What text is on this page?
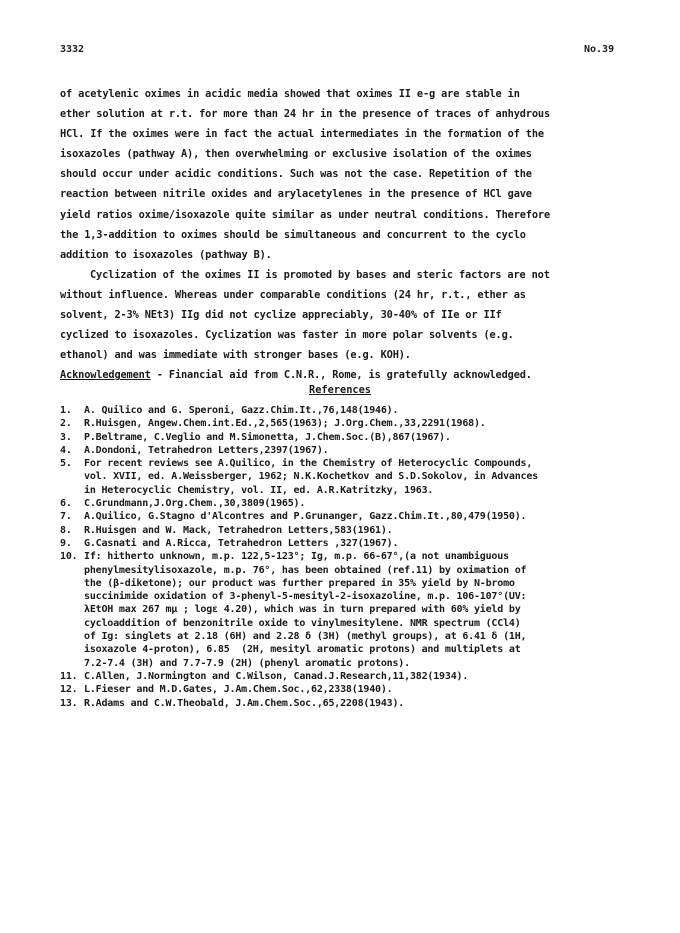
3332	No.39

of acetylenic oximes in acidic media showed that oximes II e-g are stable in

ether solution at r.t. for more than 24 hr in the presence of traces of anhydrous

HCl. If the oximes were in fact the actual intermediates in the formation of the

isoxazoles (pathway A), then overwhelming or exclusive isolation of the oximes

should occur under acidic conditions. Such was not the case. Repetition of the

reaction between nitrile oxides and arylacetylenes in the presence of HCl gave

yield ratios oxime/isoxazole quite similar as under neutral conditions. Therefore

the 1,3-addition to oximes should be simultaneous and concurrent to the cyclo

addition to isoxazoles (pathway B).

Cyclization of the oximes II is promoted by bases and steric factors are not

without influence. Whereas under comparable conditions (24 hr, r.t., ether as

solvent, 2-3% NEt3) IIg did not cyclize appreciably, 30-40% of IIe or IIf

cyclized to isoxazoles. Cyclization was faster in more polar solvents (e.g.

ethanol) and was immediate with stronger bases (e.g. KOH).

Acknowledgement - Financial aid from C.N.R., Rome, is gratefully acknowledged.

References
1.	A. Quilico and G. Speroni, Gazz.Chim.It.,76,148(1946).
2.	R.Huisgen, Angew.Chem.int.Ed.,2,565(1963); J.Org.Chem.,33,2291(1968).
3.	P.Beltrame, C.Veglio and M.Simonetta, J.Chem.Soc.(B),867(1967).
4.	A.Dondoni, Tetrahedron Letters,2397(1967).
5.	For recent reviews see A.Quilico, in the Chemistry of Heterocyclic Compounds,
vol. XVII, ed. A.Weissberger, 1962; N.K.Kochetkov and S.D.Sokolov, in Advances
in Heterocyclic Chemistry, vol. II, ed. A.R.Katritzky, 1963.
6.	C.Grundmann,J.Org.Chem.,30,3809(1965).
7.	A.Quilico, G.Stagno d'Alcontres and P.Grunanger, Gazz.Chim.It.,80,479(1950).
8.	R.Huisgen and W. Mack, Tetrahedron Letters,583(1961).
9.	G.Casnati and A.Ricca, Tetrahedron Letters ,327(1967).
10. If: hitherto unknown, m.p. 122,5-123°; Ig, m.p. 66-67°,(a not unambiguous
phenylmesitylisoxazole, m.p. 76°, has been obtained (ref.11) by oximation of
the (β-diketone); our product was further prepared in 35% yield by N-bromo
succinimide oxidation of 3-phenyl-5-mesityl-2-isoxazoline, m.p. 106-107°(UV:
λEtOH max 267 mμ ; logε 4.20), which was in turn prepared with 60% yield by
cycloaddition of benzonitrile oxide to vinylmesitylene. NMR spectrum (CCl4)
of Ig: singlets at 2.18 (6H) and 2.28 δ (3H) (methyl groups), at 6.41 δ (1H,
isoxazole 4-proton), 6.85  (2H, mesityl aromatic protons) and multiplets at
7.2-7.4 (3H) and 7.7-7.9 (2H) (phenyl aromatic protons).
11. C.Allen, J.Normington and C.Wilson, Canad.J.Research,11,382(1934).
12. L.Fieser and M.D.Gates, J.Am.Chem.Soc.,62,2338(1940).
13. R.Adams and C.W.Theobald, J.Am.Chem.Soc.,65,2208(1943).
